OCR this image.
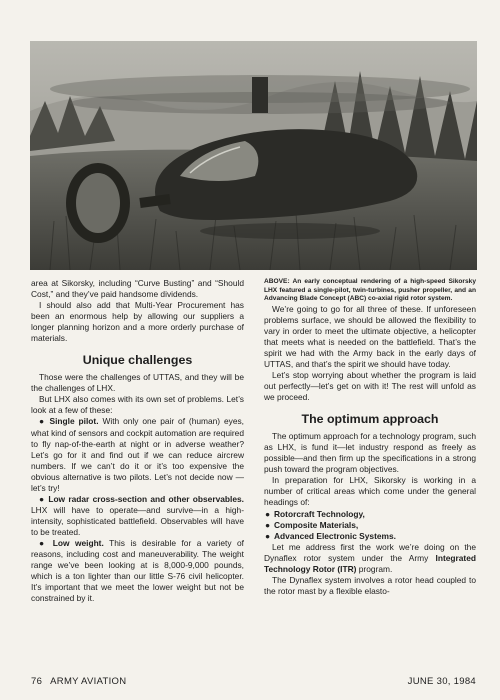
area at Sikorsky, including “Curve Busting” and “Should Cost,” and they’ve paid handsome dividends.

I should also add that Multi-Year Procurement has been an enormous help by allowing our suppliers a longer planning horizon and a more orderly purchase of materials.

Unique challenges

Those were the challenges of UTTAS, and they will be the challenges of LHX.

But LHX also comes with its own set of problems. Let’s look at a few of these:

● Single pilot. With only one pair of (human) eyes, what kind of sensors and cockpit automation are required to fly nap-of-the-earth at night or in adverse weather? Let’s go for it and find out if we can reduce aircrew numbers. If we can’t do it or it’s too expensive the obvious alternative is two pilots. Let’s not decide now — let’s try!

● Low radar cross-section and other observables. LHX will have to operate—and survive—in a high-intensity, sophisticated battlefield. Observables will have to be treated.

● Low weight. This is desirable for a variety of reasons, including cost and maneuverability. The weight range we’ve been looking at is 8,000-9,000 pounds, which is a ton lighter than our little S-76 civil helicopter. It’s important that we meet the lower weight but not be constrained by it.

ABOVE: An early conceptual rendering of a high-speed Sikorsky LHX featured a single-pilot, twin-turbines, pusher propeller, and an Advancing Blade Concept (ABC) co-axial rigid rotor system.

We’re going to go for all three of these. If unforeseen problems surface, we should be allowed the flexibility to vary in order to meet the ultimate objective, a helicopter that meets what is needed on the battlefield. That’s the spirit we had with the Army back in the early days of UTTAS, and that’s the spirit we should have today.

Let’s stop worrying about whether the program is laid out perfectly—let’s get on with it! The rest will unfold as we proceed.

The optimum approach

The optimum approach for a technology program, such as LHX, is fund it—let industry respond as freely as possible—and then firm up the specifications in a strong push toward the program objectives.

In preparation for LHX, Sikorsky is working in a number of critical areas which come under the general headings of:

● Rotorcraft Technology,
● Composite Materials,
● Advanced Electronic Systems.

Let me address first the work we’re doing on the Dynaflex rotor system under the Army Integrated Technology Rotor (ITR) program.

The Dynaflex system involves a rotor head coupled to the rotor mast by a flexible elasto-

76 ARMY AVIATION	JUNE 30, 1984
